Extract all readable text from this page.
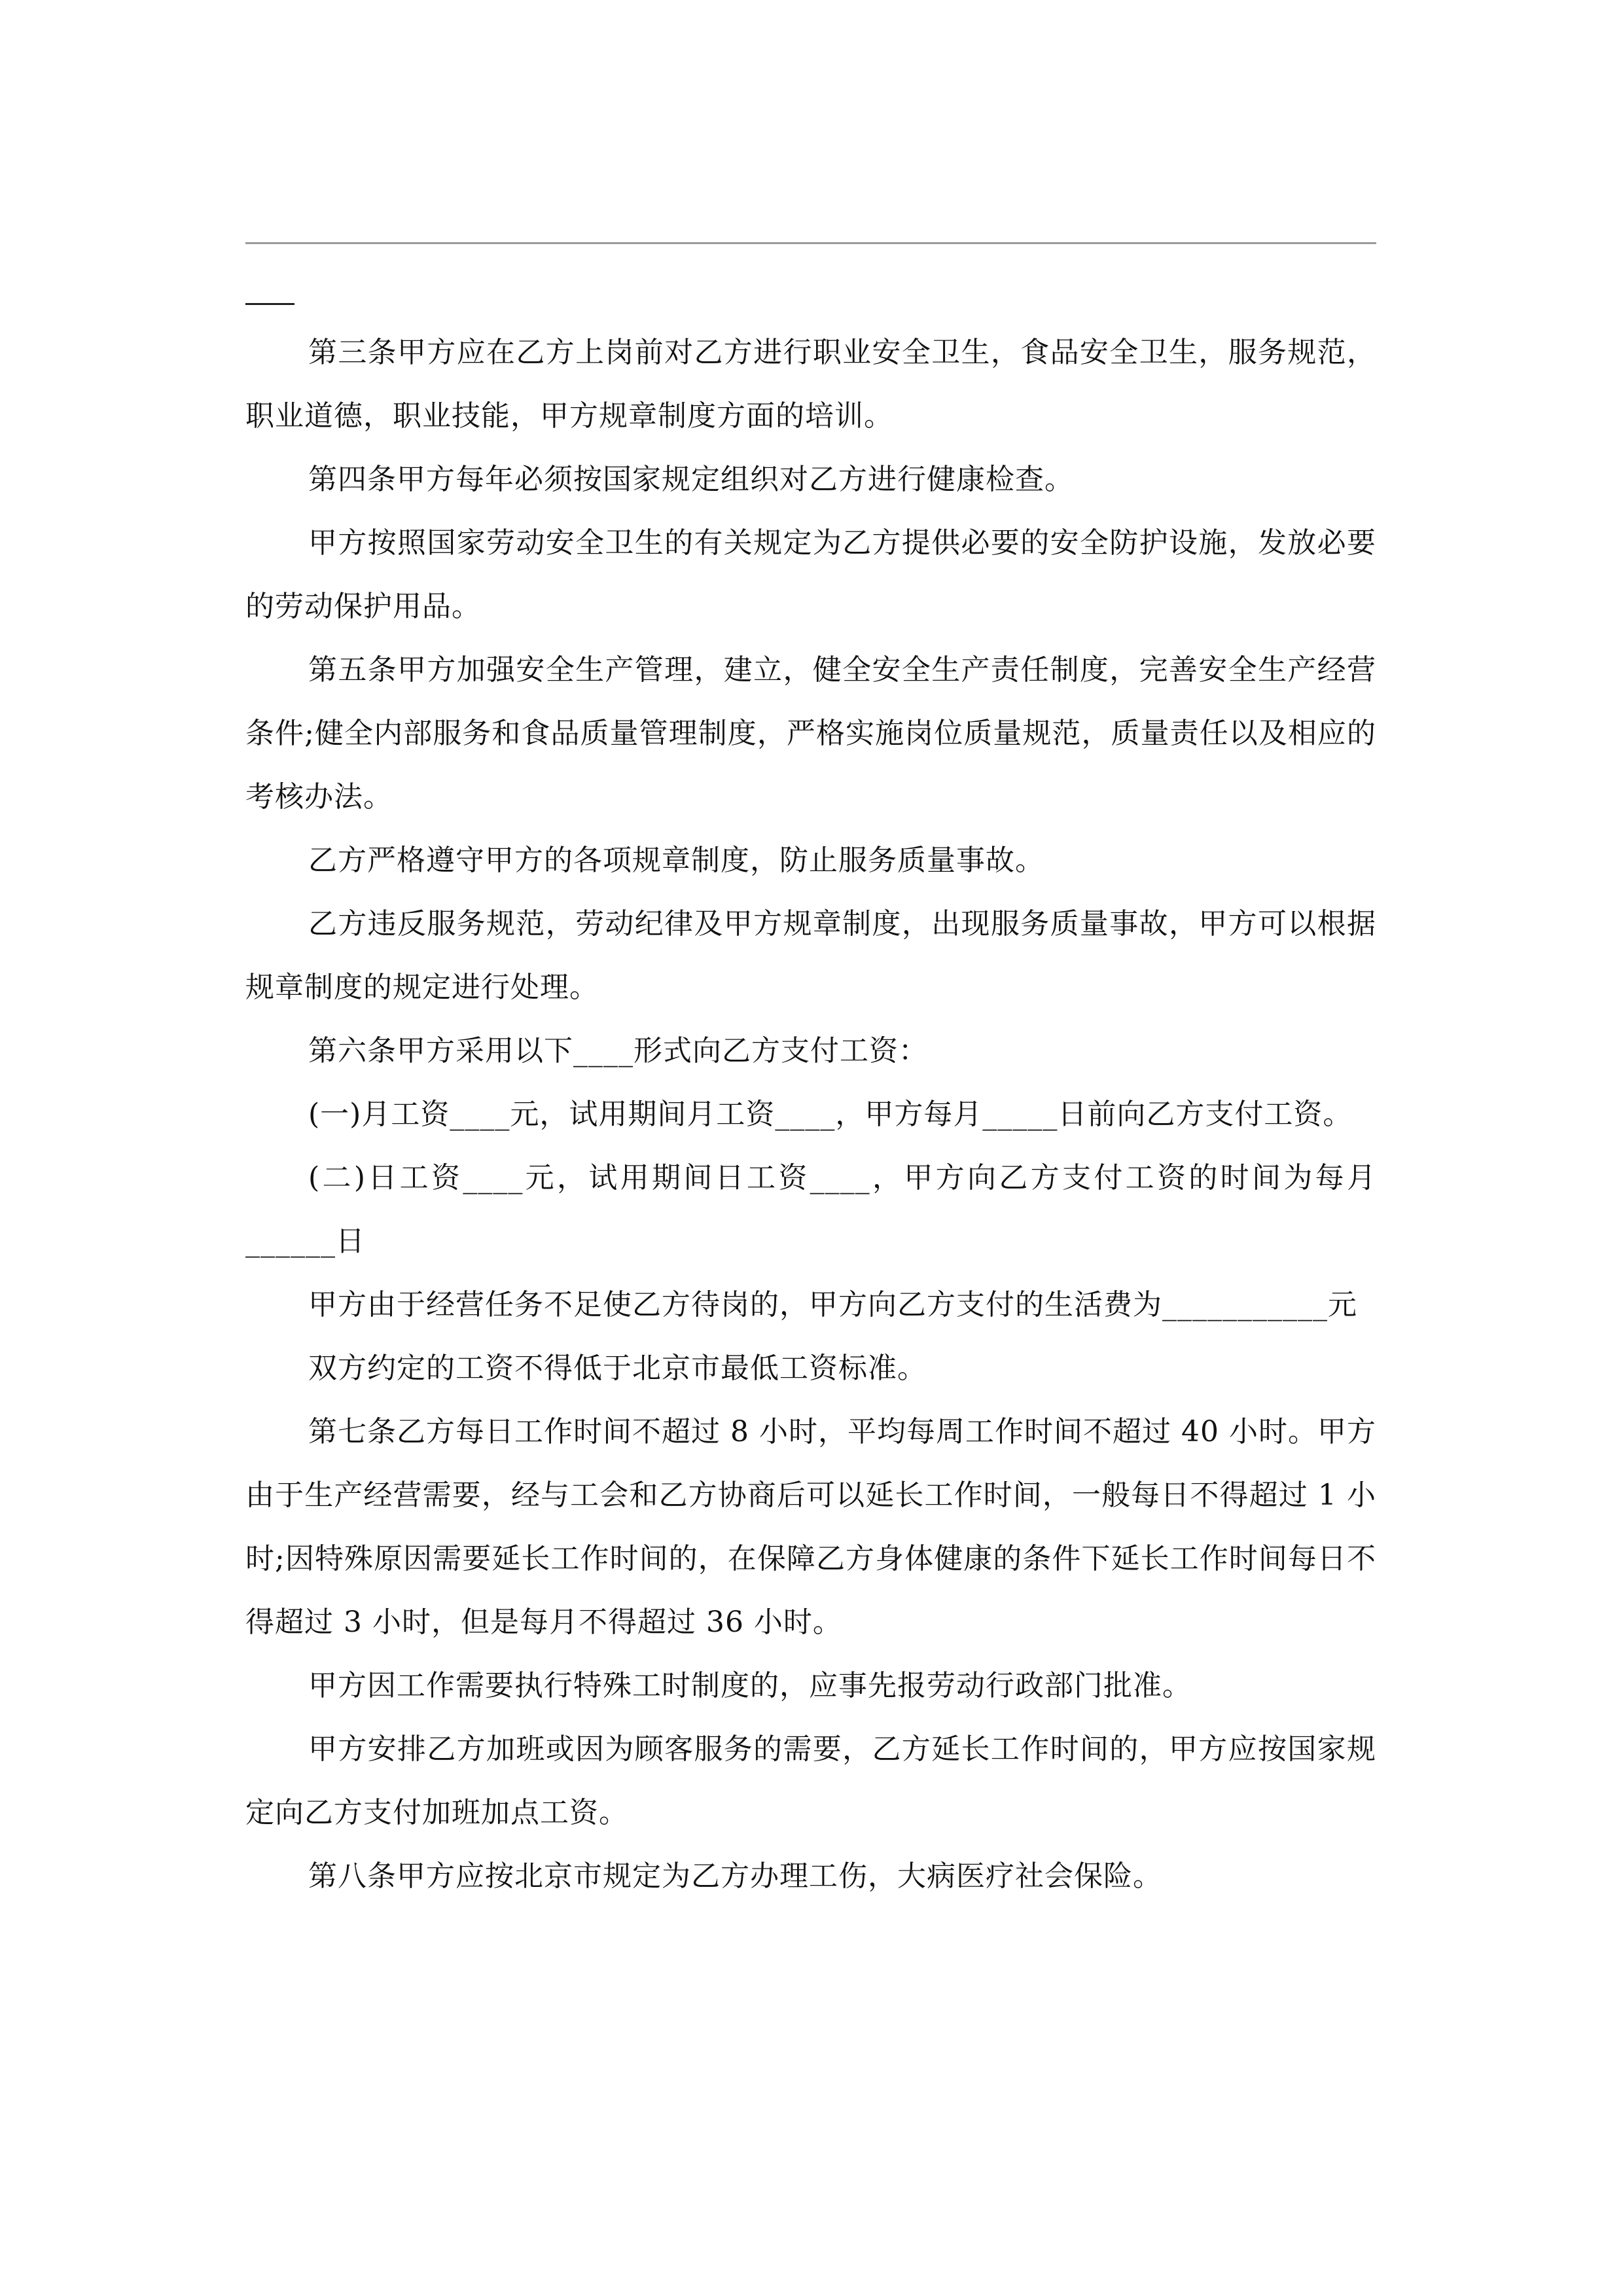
第三条甲方应在乙方上岗前对乙方进行职业安全卫生，食品安全卫生，服务规范，职业道德，职业技能，甲方规章制度方面的培训。

第四条甲方每年必须按国家规定组织对乙方进行健康检查。

甲方按照国家劳动安全卫生的有关规定为乙方提供必要的安全防护设施，发放必要的劳动保护用品。

第五条甲方加强安全生产管理，建立，健全安全生产责任制度，完善安全生产经营条件;健全内部服务和食品质量管理制度，严格实施岗位质量规范，质量责任以及相应的考核办法。

乙方严格遵守甲方的各项规章制度，防止服务质量事故。

乙方违反服务规范，劳动纪律及甲方规章制度，出现服务质量事故，甲方可以根据规章制度的规定进行处理。

第六条甲方采用以下____形式向乙方支付工资：

(一)月工资____元，试用期间月工资____，甲方每月_____日前向乙方支付工资。

(二)日工资____元，试用期间日工资____，甲方向乙方支付工资的时间为每月______日

甲方由于经营任务不足使乙方待岗的，甲方向乙方支付的生活费为___________元

双方约定的工资不得低于北京市最低工资标准。

第七条乙方每日工作时间不超过 8 小时，平均每周工作时间不超过 40 小时。甲方由于生产经营需要，经与工会和乙方协商后可以延长工作时间，一般每日不得超过 1 小时;因特殊原因需要延长工作时间的，在保障乙方身体健康的条件下延长工作时间每日不得超过 3 小时，但是每月不得超过 36 小时。

甲方因工作需要执行特殊工时制度的，应事先报劳动行政部门批准。

甲方安排乙方加班或因为顾客服务的需要，乙方延长工作时间的，甲方应按国家规定向乙方支付加班加点工资。

第八条甲方应按北京市规定为乙方办理工伤，大病医疗社会保险。
